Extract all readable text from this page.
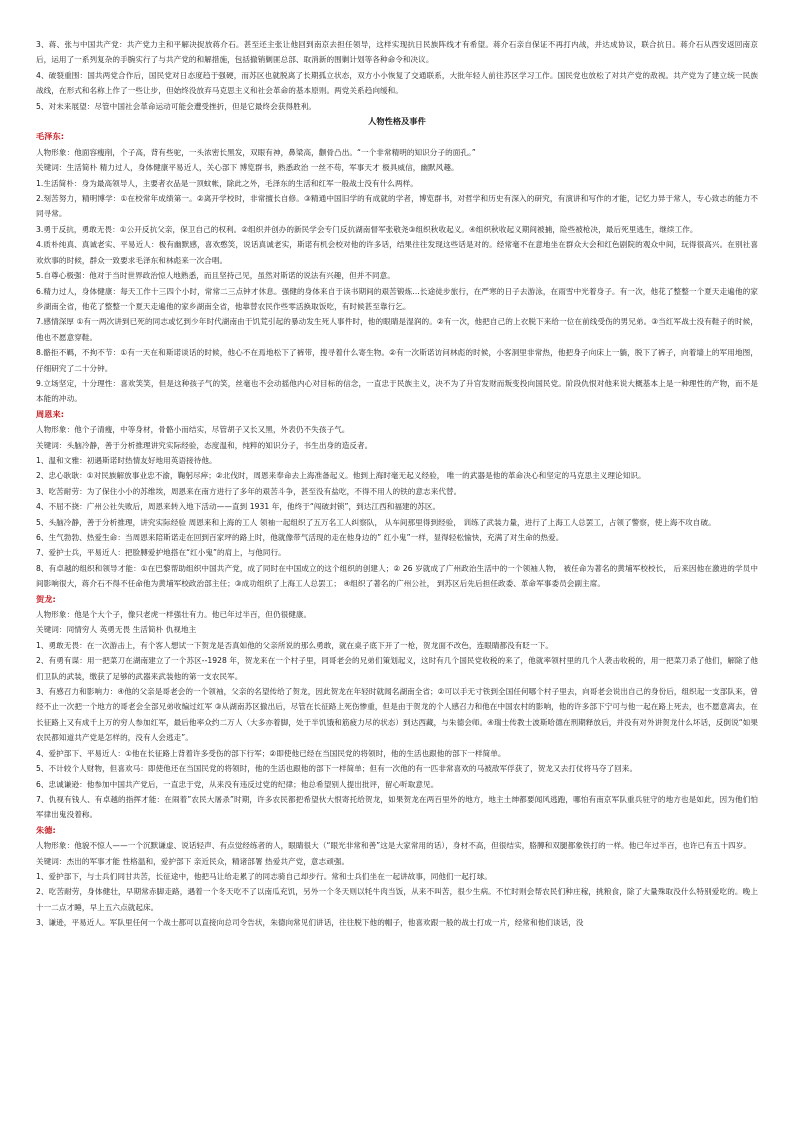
3、蒋、张与中国共产党：共产党力主和平解决捉放蒋介石。甚至还主张让他回到南京去担任领导，这样实现抗日民族阵线才有希望。蒋介石亲自保证不再打内战，并达成协议，联合抗日。蒋介石从西安返回南京后，运用了一系列复杂的手腕实行了与共产党的和解措施，包括撤销剿匪总部、取消新的围剿计划等各种命令和决议。

4、破裂重围：国共两党合作后，国民党对日态度趋于强硬，而苏区也就脱离了长期孤立状态，双方小小恢复了交通联系，大批年轻人前往苏区学习工作。国民党也放松了对共产党的敌视。共产党为了建立统一民族战线，在形式和名称上作了一些让步，但始终没放弃马克思主义和社会革命的基本原则。两党关系趋向缓和。

5、对未来展望：尽管中国社会革命运动可能会遭受挫折，但是它最终会获得胜利。

人物性格及事件

毛泽东:

人物形象：他面容瘦削，个子高，背有些驼，一头浓密长黑发，双眼有神，鼻梁高，颧骨凸出。“一个非常精明的知识分子的面孔。”

关键词：生活简朴 精力过人，身体健康平易近人，关心部下 博览群书，熟悉政治 一丝不苟，军事天才 极具威信，幽默风趣。

1.生活简朴：身为最高领导人，主要者衣品是一顶蚊帐，除此之外，毛泽东的生活和红军一般战士没有什么两样。

2.刻苦努力，精明博学：①在校常年成绩第一。②离开学校时，非常擅长自修。③精通中国旧学的有成就的学者，博览群书，对哲学和历史有深入的研究，有演讲和写作的才能，记忆力异于常人，专心致志的能力不同寻常。

3.勇于反抗，勇敢无畏：①公开反抗父亲，保卫自己的权利。②组织并创办的新民学会专门反抗湖南督军张敬尧③组织秋收起义。④组织秋收起义期间被捕，险些被枪决，最后死里逃生，继续工作。

4.质朴纯真、真诚老实、平易近人：极有幽默感，喜欢憨笑，说话真诚老实，斯诺有机会校对他的许多话，结果往往发现这些话是对的。经常毫不在意地坐在群众大会和红色剧院的观众中间，玩得很高兴。在别社喜欢炊事的时候，群众一致要求毛泽东和林彪来一次合唱。

5.自尊心极强：他对于当时世界政治惊人地熟悉，而且坚持己见，虽然对斯诺的说法有兴趣，但并不同意。

6.精力过人，身体健康：每天工作十三四个小时，常常二三点钟才休息。强健的身体来自于读书期间的艰苦锻炼…长途徒步旅行，在严寒的日子去游泳，在雨雪中光着身子。有一次，他花了整整一个夏天走遍他的家乡湖南全省，他花了整整一个夏天走遍他的家乡湖南全省，他靠替农民作些零活换取饭吃，有时候甚至靠行乞。

7.感情深厚 ①有一两次讲到已死的同志或忆到少年时代湖南由于饥荒引起的暴动发生死人事件时，他的眼睛是湿润的。②有一次，他把自己的上衣脱下来给一位在前线受伤的男兄弟。③当红军战士没有鞋子的时候，他也不愿意穿鞋。

8.骼拒不羁，不拘不节：①有一天在和斯诺谈话的时候，他心不在焉地松下了裤带，搜寻着什么寄生物。②有一次斯诺访问林彪的时候，小客洞里非常热，他把身子向床上一躺，脱下了裤子，向着墙上的军用地图，仔细研究了二十分钟。

9.立场坚定，十分理性：喜欢笑笑，但是这种孩子气的笑，丝毫也不会动摇他内心对目标的信念，一直忠于民族主义，决不为了升官发财而叛变投向国民党。阶段仇恨对他来说大概基本上是一种理性的产物，而不是本能的冲动。

周恩来:

人物形象：他个子清瘦，中等身材，骨骼小而结实，尽管胡子又长又黑，外表仍不失孩子气。

关键词：头脑冷静，善于分析推理讲究实际经验，态度温和，纯粹的知识分子，书生出身的造反者。

1、温和文雅：初遇斯诺时热情友好地用英语接待他。

2、忠心耿耿：①对民族解放事业忠不渝，鞠躬尽瘁；②北伐时，周恩来奉命去上海准备起义。他到上海时毫无起义经验， 唯一的武器是他的革命决心和坚定的马克思主义理论知识。

3、吃苦耐劳：为了保住小小的苏维埃，周恩来在南方进行了多年的艰苦斗争，甚至没有盐吃，不得不用人的铁的意志来代替。

4、不屈不挠：广州公社失败后，周恩来转入地下活动——直到 1931 年，他终于“闯破封锁”，到达江西和福建的苏区。

5、头脑冷静，善于分析推理，讲究实际经验 周恩来和上海的工人 领袖一起组织了五万名工人纠察队， 从车间那里得到经验， 训练了武装力量，进行了上海工人总罢工，占领了警察，使上海不攻自破。

6、生气勃勃、热爱生命：当周恩来陪斯诺走在回到百家坪的路上时，他就像带气活现的走在他身边的” 红小鬼”一样，显得轻松愉快，充满了对生命的热爱。

7、爱护士兵，平易近人：把脸膊爱护地搭在“红小鬼”的肩上，与他同行。

8、有卓越的组织和领导才能：①在巴黎帮助组织中国共产党，成了同时在中国成立的这个组织的创建人；② 26 岁就成了广州政治生活中的一个领袖人物， 被任命为著名的黄埔军校校长， 后来因他在激进的学员中间影响很大，蒋介石不得不任命他为黄埔军校政治部主任；③成功组织了上海工人总罢工； ④组织了著名的广州公社， 到苏区后先后担任政委、革命军事委员会副主席。

贺龙:

人物形象：他是个大个子，像只老虎一样强壮有力。他已年过半百，但仍很健康。

关键词：同情穷人 英勇无畏 生活简朴 仇视地主

1、勇敢无畏：在一次游击上，有个客人想试一下贺龙是否真如他的父亲所说的那么勇敢，就在桌子底下开了一枪，贺龙面不改色，连眼睛都没有眨一下。

2、有勇有谋：用一把菜刀在湖南建立了一个苏区--1928 年，贺龙来在一个村子里，同哥老会的兄弟们策划起义，这时有几个国民党收税的来了，他就率领村里的几个人袭击收税的，用一把菜刀杀了他们，解除了他们卫队的武装，缴获了足够的武器来武装他的第一支农民军。

3、有感召力和影响力：④他的父亲是哥老会的一个领袖，父亲的名望传给了贺龙，因此贺龙在年轻时就闻名湖南全省；②可以手无寸铁到全国任何哪个村子里去，向哥老会说出自己的身份后，组织起一支部队来，曾经不止一次把一个地方的哥老会全部兄弟收编过红军 ③从湖南苏区撤出后，尽管在长征路上死伤惨重，但是由于贺龙的个人感召力和他在中国农村的影响，他的许多部下宁可与他一起在路上死去，也不愿意离去，在长征路上又有成千上万的穷人参加红军，最后他率众约二万人（大多亦着脚，处于半饥饿和筋疲力尽的状态）到达西藏，与朱德会师。④瑞士传教士波斯哈德在刑期释放后，并没有对外讲贺龙什么坏话，反倒说“如果农民都知道共产党是怎样的，没有人会逃走”。

4、爱护部下、平易近人：①他在长征路上背着许多受伤的部下行军；②即使他已经在当国民党的将领时，他的生活也跟他的部下一样简单。

5、不计较个人财物，但喜欢马：即使他还在当国民党的将领时，他的生活也跟他的部下一样简单；但有一次他的有一匹非常喜欢的马被敌军俘获了，贺龙又去打仗将马夺了回来。

6、忠诚谦逊：他参加中国共产党后，一直忠于党，从来没有违反过党的纪律；他总希望别人提出批评，留心听取意见。

7、仇视有钱人、有卓越的指挥才能：在闹着”农民大屠杀”时期，许多农民都把希望伙大恨寄托给贺龙，如果贺龙在两百里外的地方，地主土绅都要闻风逃跑，哪怕有南京军队重兵驻守的地方也是如此，因为他们怕军律出鬼没着称。

朱德:

人物形象：他貌不惊人——一个沉默谦虚、说话轻声、有点觉经练者的人，眼睛很大（“眼光非常和善”这是大家常用的话），身材不高，但很结实，胳膊和双腿都象铁打的一样。他已年过半百，也许已有五十四岁。

关键词：杰出的军事才能 性格温和，爱护部下 亲近民众，精诸部署 热爱共产党，意志顽强。

1、爱护部下，与士兵们同甘共苦，长征途中，他把马让给走累了的同志骑自己却步行。常和士兵们坐在一起讲故事，同他们一起打球。

2、吃苦耐劳，身体健壮，早期常赤脚走路，遇着一个冬天吃不了以南瓜充饥，另外一个冬天则以牦牛肉当饭，从来不叫苦，很少生病。不忙时则会帮农民们种庄稼，挑粮食，除了大量殊取没什么特别爱吃的。晚上十一二点才睡，早上五六点就起床。

3、谦逊，平易近人。军队里任何一个战士都可以直接向总司令告状，朱德向常见们讲话，往往脱下他的帽子，他喜欢跟一般的战士打成一片，经常和他们谈话，没
